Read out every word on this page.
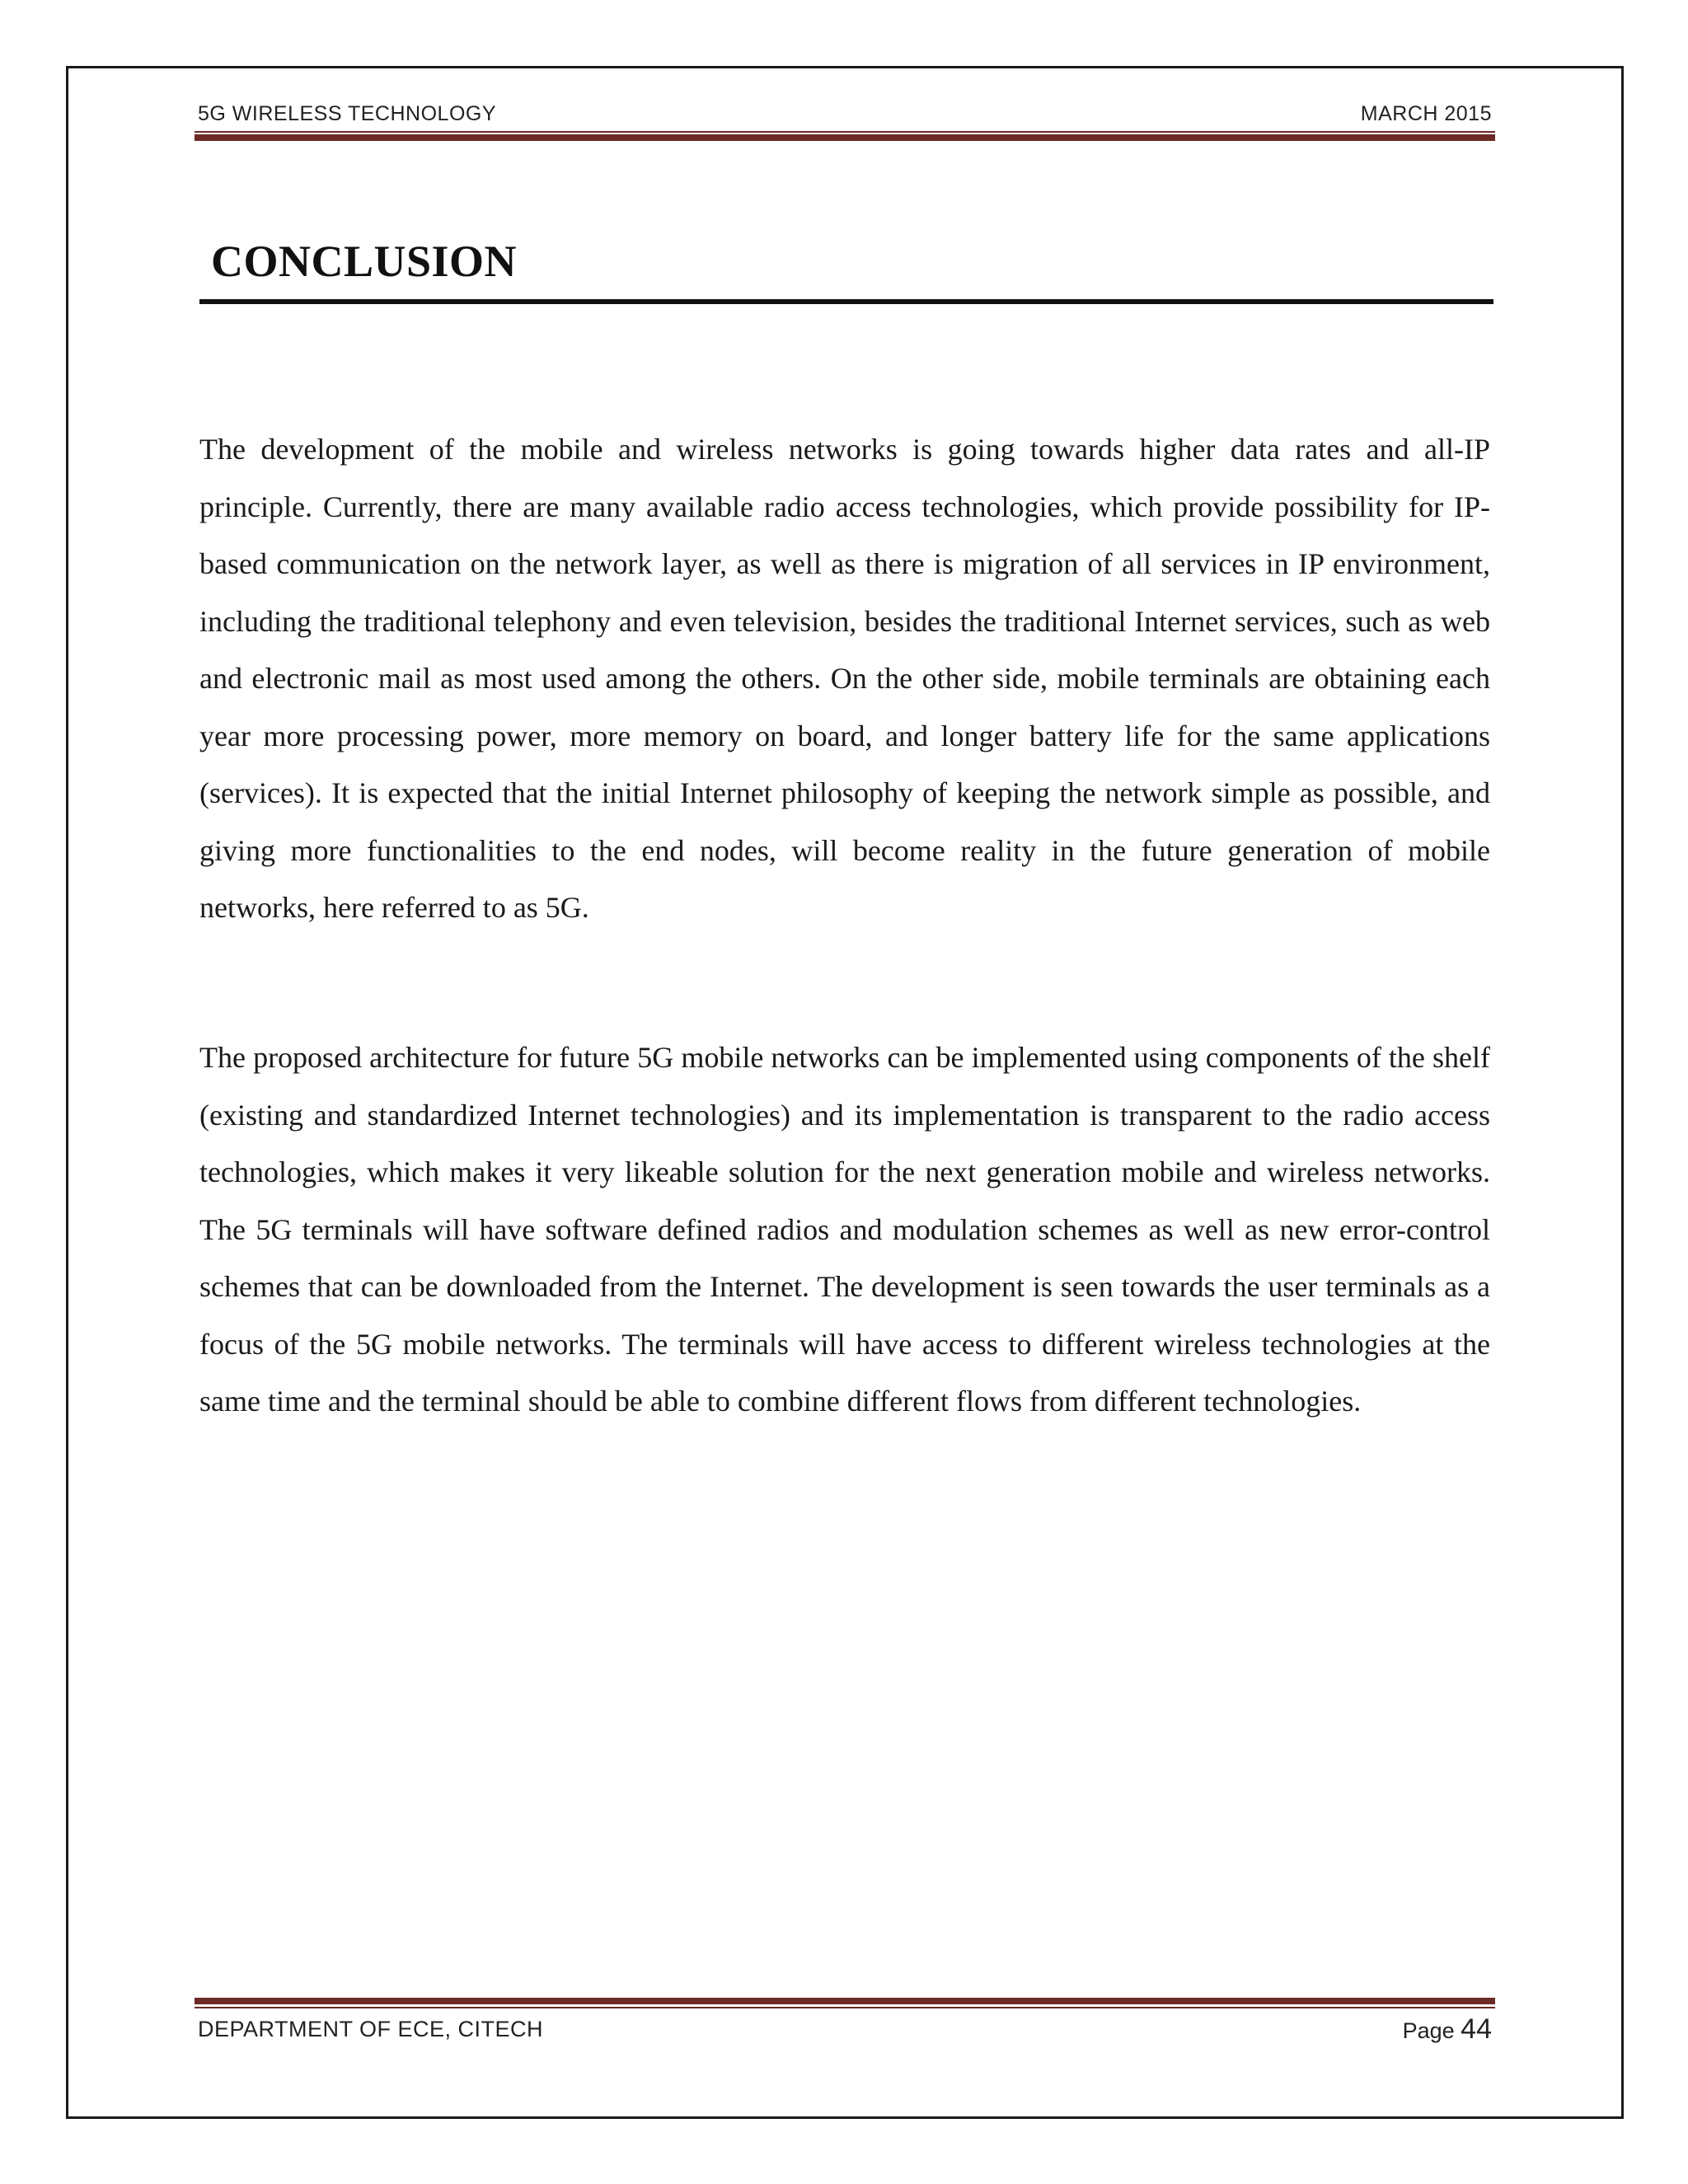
5G WIRELESS TECHNOLOGY	MARCH 2015
CONCLUSION

The development of the mobile and wireless networks is going towards higher data rates and all-IP principle. Currently, there are many available radio access technologies, which provide possibility for IP-based communication on the network layer, as well as there is migration of all services in IP environment, including the traditional telephony and even television, besides the traditional Internet services, such as web and electronic mail as most used among the others. On the other side, mobile terminals are obtaining each year more processing power, more memory on board, and longer battery life for the same applications (services). It is expected that the initial Internet philosophy of keeping the network simple as possible, and giving more functionalities to the end nodes, will become reality in the future generation of mobile networks, here referred to as 5G.

The proposed architecture for future 5G mobile networks can be implemented using components of the shelf (existing and standardized Internet technologies) and its implementation is transparent to the radio access technologies, which makes it very likeable solution for the next generation mobile and wireless networks. The 5G terminals will have software defined radios and modulation schemes as well as new error-control schemes that can be downloaded from the Internet. The development is seen towards the user terminals as a focus of the 5G mobile networks. The terminals will have access to different wireless technologies at the same time and the terminal should be able to combine different flows from different technologies.

DEPARTMENT OF ECE, CITECH	Page 44
